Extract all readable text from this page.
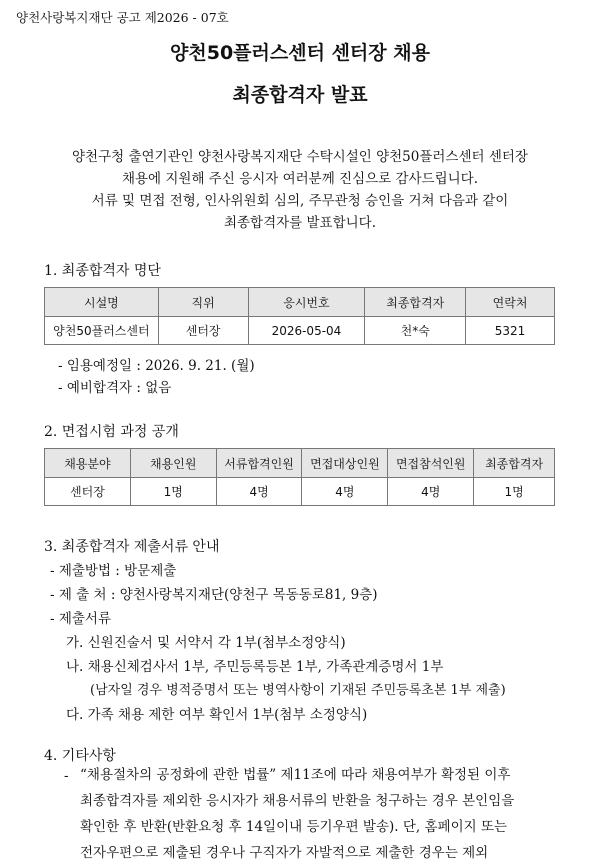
양천사랑복지재단 공고 제2026 - 07호
양천50플러스센터 센터장 채용
최종합격자 발표
양천구청 출연기관인 양천사랑복지재단 수탁시설인 양천50플러스센터 센터장
채용에 지원해 주신 응시자 여러분께 진심으로 감사드립니다.
서류 및 면접 전형, 인사위원회 심의, 주무관청 승인을 거쳐 다음과 같이
최종합격자를 발표합니다.
1. 최종합격자 명단
시설명	직위	응시번호	최종합격자	연락처
양천50플러스센터	센터장	2026-05-04	천*숙	5321
- 임용예정일 : 2026. 9. 21. (월)
- 예비합격자 : 없음
2. 면접시험 과정 공개
채용분야	채용인원	서류합격인원	면접대상인원	면접참석인원	최종합격자
센터장	1명	4명	4명	4명	1명
3. 최종합격자 제출서류 안내
- 제출방법 : 방문제출
- 제 출 처 : 양천사랑복지재단(양천구 목동동로81, 9층)
- 제출서류
가. 신원진술서 및 서약서 각 1부(첨부소정양식)
나. 채용신체검사서 1부, 주민등록등본 1부, 가족관계증명서 1부
(남자일 경우 병적증명서 또는 병역사항이 기재된 주민등록초본 1부 제출)
다. 가족 채용 제한 여부 확인서 1부(첨부 소정양식)
4. 기타사항
- “채용절차의 공정화에 관한 법률” 제11조에 따라 채용여부가 확정된 이후
최종합격자를 제외한 응시자가 채용서류의 반환을 청구하는 경우 본인임을
확인한 후 반환(반환요청 후 14일이내 등기우편 발송). 단, 홈페이지 또는
전자우편으로 제출된 경우나 구직자가 자발적으로 제출한 경우는 제외
